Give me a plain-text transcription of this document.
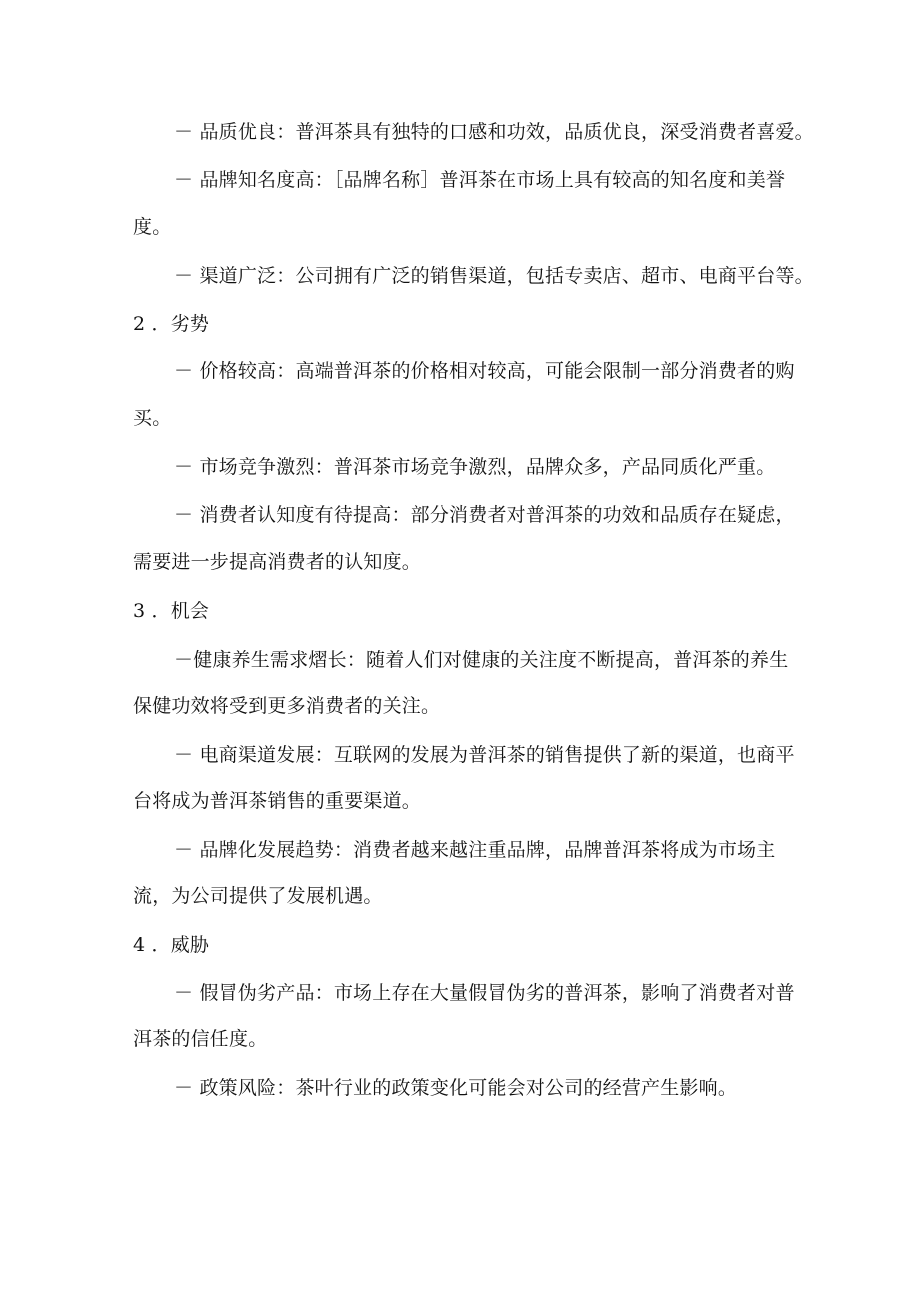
－ 品质优良：普洱茶具有独特的口感和功效，品质优良，深受消费者喜爱。
－ 品牌知名度高：［品牌名称］普洱茶在市场上具有较高的知名度和美誉
度。
－ 渠道广泛：公司拥有广泛的销售渠道，包括专卖店、超市、电商平台等。
2 ．劣势
－ 价格较高：高端普洱茶的价格相对较高，可能会限制一部分消费者的购
买。
－ 市场竞争激烈：普洱茶市场竞争激烈，品牌众多，产品同质化严重。
－ 消费者认知度有待提高：部分消费者对普洱茶的功效和品质存在疑虑，
需要进一步提高消费者的认知度。
3 ．机会
－健康养生需求熠长：随着人们对健康的关注度不断提高，普洱茶的养生
保健功效将受到更多消费者的关注。
－ 电商渠道发展：互联网的发展为普洱茶的销售提供了新的渠道，也商平
台将成为普洱茶销售的重要渠道。
－ 品牌化发展趋势：消费者越来越注重品牌，品牌普洱茶将成为市场主
流，为公司提供了发展机遇。
4 ．威胁
－ 假冒伪劣产品：市场上存在大量假冒伪劣的普洱茶，影响了消费者对普
洱茶的信任度。
－ 政策风险：茶叶行业的政策变化可能会对公司的经营产生影响。
